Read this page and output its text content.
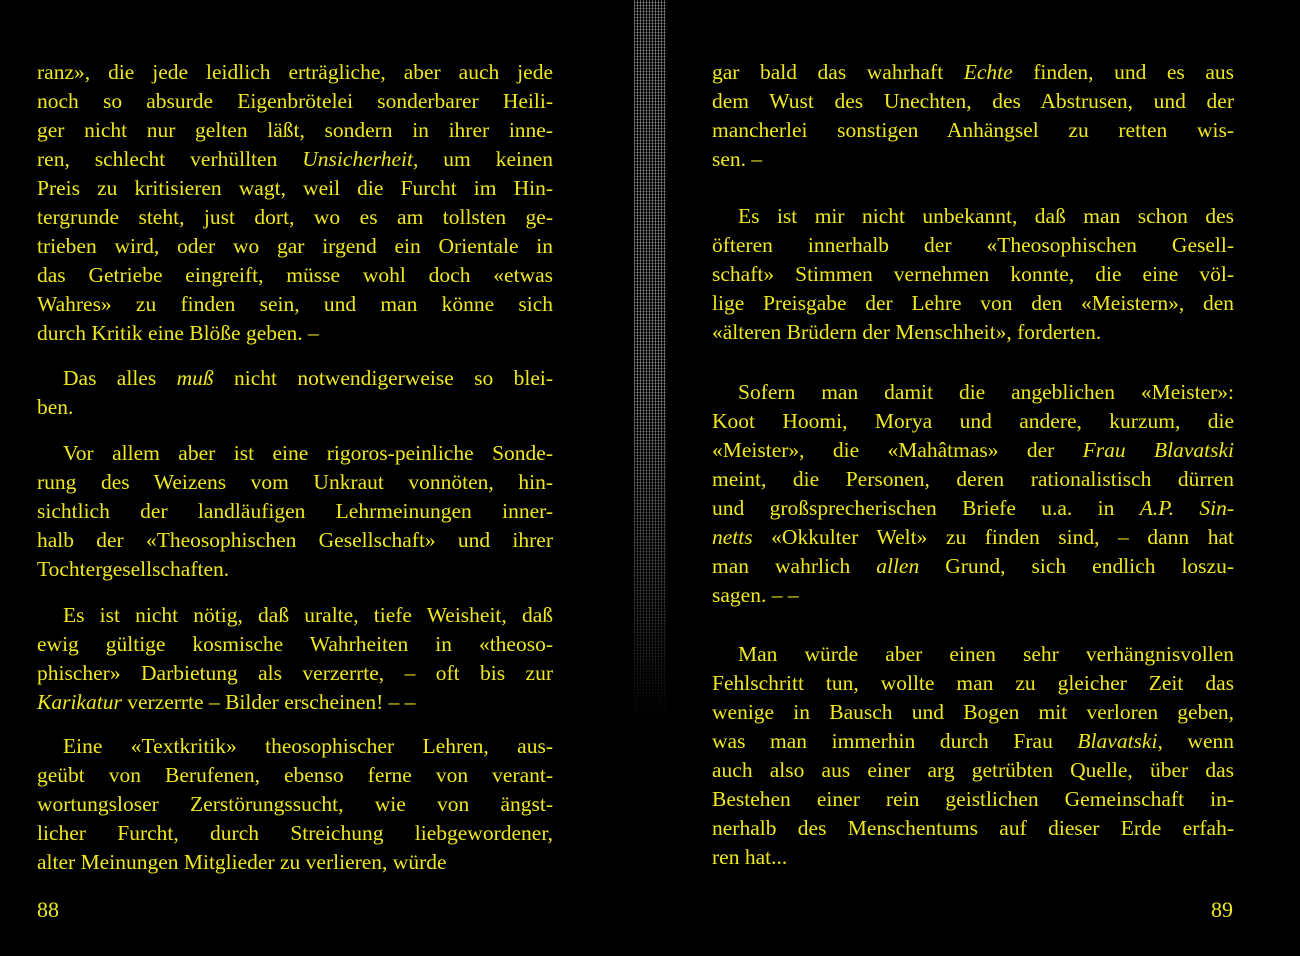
ranz», die jede leidlich erträgliche, aber auch jede
noch so absurde Eigenbrötelei sonderbarer Heili-
ger nicht nur gelten läßt, sondern in ihrer inne-
ren, schlecht verhüllten Unsicherheit, um keinen
Preis zu kritisieren wagt, weil die Furcht im Hin-
tergrunde steht, just dort, wo es am tollsten ge-
trieben wird, oder wo gar irgend ein Orientale in
das Getriebe eingreift, müsse wohl doch «etwas
Wahres» zu finden sein, und man könne sich
durch Kritik eine Blöße geben. –
Das alles muß nicht notwendigerweise so blei-
ben.
Vor allem aber ist eine rigoros-peinliche Sonde-
rung des Weizens vom Unkraut vonnöten, hin-
sichtlich der landläufigen Lehrmeinungen inner-
halb der «Theosophischen Gesellschaft» und ihrer
Tochtergesellschaften.
Es ist nicht nötig, daß uralte, tiefe Weisheit, daß
ewig gültige kosmische Wahrheiten in «theoso-
phischer» Darbietung als verzerrte, – oft bis zur
Karikatur verzerrte – Bilder erscheinen! – –
Eine «Textkritik» theosophischer Lehren, aus-
geübt von Berufenen, ebenso ferne von verant-
wortungsloser Zerstörungssucht, wie von ängst-
licher Furcht, durch Streichung liebgewordener,
alter Meinungen Mitglieder zu verlieren, würde
gar bald das wahrhaft Echte finden, und es aus
dem Wust des Unechten, des Abstrusen, und der
mancherlei sonstigen Anhängsel zu retten wis-
sen. –
Es ist mir nicht unbekannt, daß man schon des
öfteren innerhalb der «Theosophischen Gesell-
schaft» Stimmen vernehmen konnte, die eine völ-
lige Preisgabe der Lehre von den «Meistern», den
«älteren Brüdern der Menschheit», forderten.
Sofern man damit die angeblichen «Meister»:
Koot Hoomi, Morya und andere, kurzum, die
«Meister», die «Mahâtmas» der Frau Blavatski
meint, die Personen, deren rationalistisch dürren
und großsprecherischen Briefe u.a. in A.P. Sin-
netts «Okkulter Welt» zu finden sind, – dann hat
man wahrlich allen Grund, sich endlich loszu-
sagen. – –
Man würde aber einen sehr verhängnisvollen
Fehlschritt tun, wollte man zu gleicher Zeit das
wenige in Bausch und Bogen mit verloren geben,
was man immerhin durch Frau Blavatski, wenn
auch also aus einer arg getrübten Quelle, über das
Bestehen einer rein geistlichen Gemeinschaft in-
nerhalb des Menschentums auf dieser Erde erfah-
ren hat...
88	89
